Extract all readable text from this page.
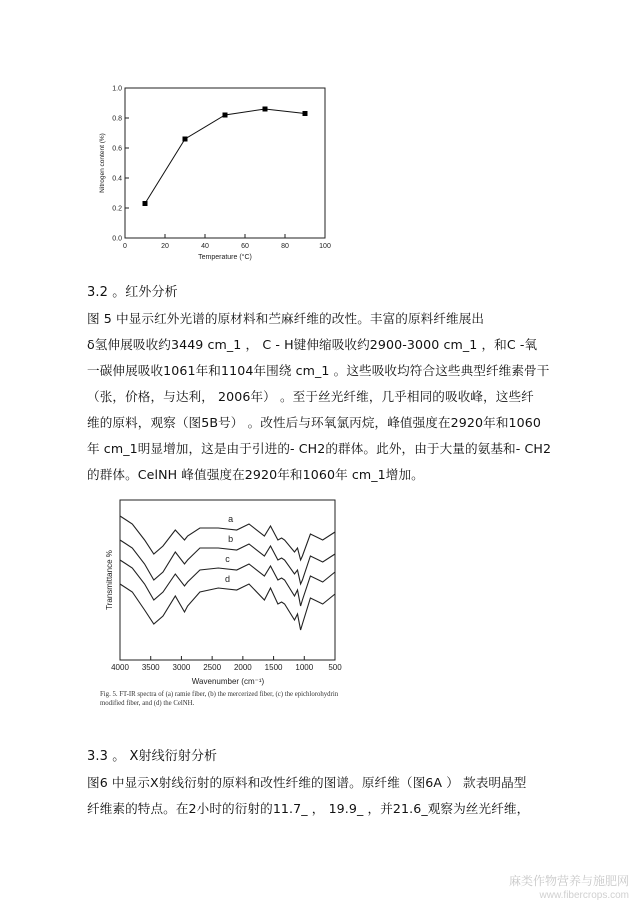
0.0
0.2
0.4
0.6
0.8
1.0
0	20	40	60	80	100
Nitrogen content (%)
Temperature (°C)
3.2 。红外分析
图 5 中显示红外光谱的原材料和苎麻纤维的改性。丰富的原料纤维展出
δ氢伸展吸收约3449 cm_1 ， C - H键伸缩吸收约2900-3000 cm_1 ，和C -氧
一碳伸展吸收1061年和1104年围绕 cm_1 。这些吸收均符合这些典型纤维素骨干
（张，价格，与达利， 2006年） 。至于丝光纤维，几乎相同的吸收峰，这些纤
维的原料，观察（图5B号） 。改性后与环氧氯丙烷，峰值强度在2920年和1060
年 cm_1明显增加，这是由于引进的- CH2的群体。此外，由于大量的氨基和- CH2
的群体。CelNH 峰值强度在2920年和1060年 cm_1增加。
a
b
c
d
4000 3500 3000 2500 2000 1500 1000 500
Transmittance %
Wavenumber (cm⁻¹)
Fig. 5. FT-IR spectra of (a) ramie fiber, (b) the mercerized fiber, (c) the epichlorohydrin modified fiber, and (d) the CelNH.
3.3 。 X射线衍射分析
图6 中显示X射线衍射的原料和改性纤维的图谱。原纤维（图6A ） 款表明晶型
纤维素的特点。在2小时的衍射的11.7_ ， 19.9_ ，并21.6_观察为丝光纤维，
麻类作物营养与施肥网
www.fibercrops.com
